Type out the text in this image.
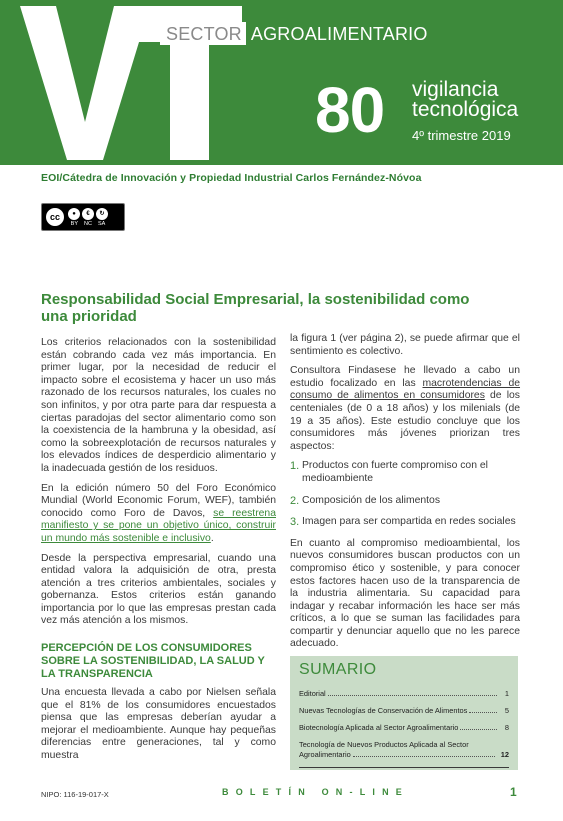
SECTOR AGROALIMENTARIO
80 vigilancia
tecnológica
4º trimestre 2019
EOI/Cátedra de Innovación y Propiedad Industrial Carlos Fernández-Nóvoa
cc	●	€	↻
BY NC SA
Responsabilidad Social Empresarial, la sostenibilidad como una prioridad

Los criterios relacionados con la sostenibilidad están cobrando cada vez más importancia. En primer lugar, por la necesidad de reducir el impacto sobre el ecosistema y hacer un uso más razonado de los recursos naturales, los cuales no son infinitos, y por otra parte para dar respuesta a ciertas paradojas del sector alimentario como son la coexistencia de la hambruna y la obesidad, así como la sobreexplotación de recursos naturales y los elevados índices de desperdicio alimentario y la inadecuada gestión de los residuos.

En la edición número 50 del Foro Económico Mundial (World Economic Forum, WEF), también conocido como Foro de Davos, se reestrena manifiesto y se pone un objetivo único, construir un mundo más sostenible e inclusivo.

Desde la perspectiva empresarial, cuando una entidad valora la adquisición de otra, presta atención a tres criterios ambientales, sociales y gobernanza. Estos criterios están ganando importancia por lo que las empresas prestan cada vez más atención a los mismos.

PERCEPCIÓN DE LOS CONSUMIDORES SOBRE LA SOSTENIBILIDAD, LA SALUD Y LA TRANSPARENCIA

Una encuesta llevada a cabo por Nielsen señala que el 81% de los consumidores encuestados piensa que las empresas deberían ayudar a mejorar el medioambiente. Aunque hay pequeñas diferencias entre generaciones, tal y como muestra

la figura 1 (ver página 2), se puede afirmar que el sentimiento es colectivo.

Consultora Findasese he llevado a cabo un estudio focalizado en las macrotendencias de consumo de alimentos en consumidores de los centeniales (de 0 a 18 años) y los milenials (de 19 a 35 años). Este estudio concluye que los consumidores más jóvenes priorizan tres aspectos:

1. Productos con fuerte compromiso con el medioambiente
2. Composición de los alimentos
3. Imagen para ser compartida en redes sociales

En cuanto al compromiso medioambiental, los nuevos consumidores buscan productos con un compromiso ético y sostenible, y para conocer estos factores hacen uso de la transparencia de la industria alimentaria. Su capacidad para indagar y recabar información les hace ser más críticos, a lo que se suman las facilidades para compartir y denunciar aquello que no les parece adecuado.

SUMARIO
Editorial	1
Nuevas Tecnologías de Conservación de Alimentos	5
Biotecnología Aplicada al Sector Agroalimentario	8
Tecnología de Nuevos Productos Aplicada al Sector
Agroalimentario	12
NIPO: 116-19-017-X	BOLETÍN ON-LINE	1
